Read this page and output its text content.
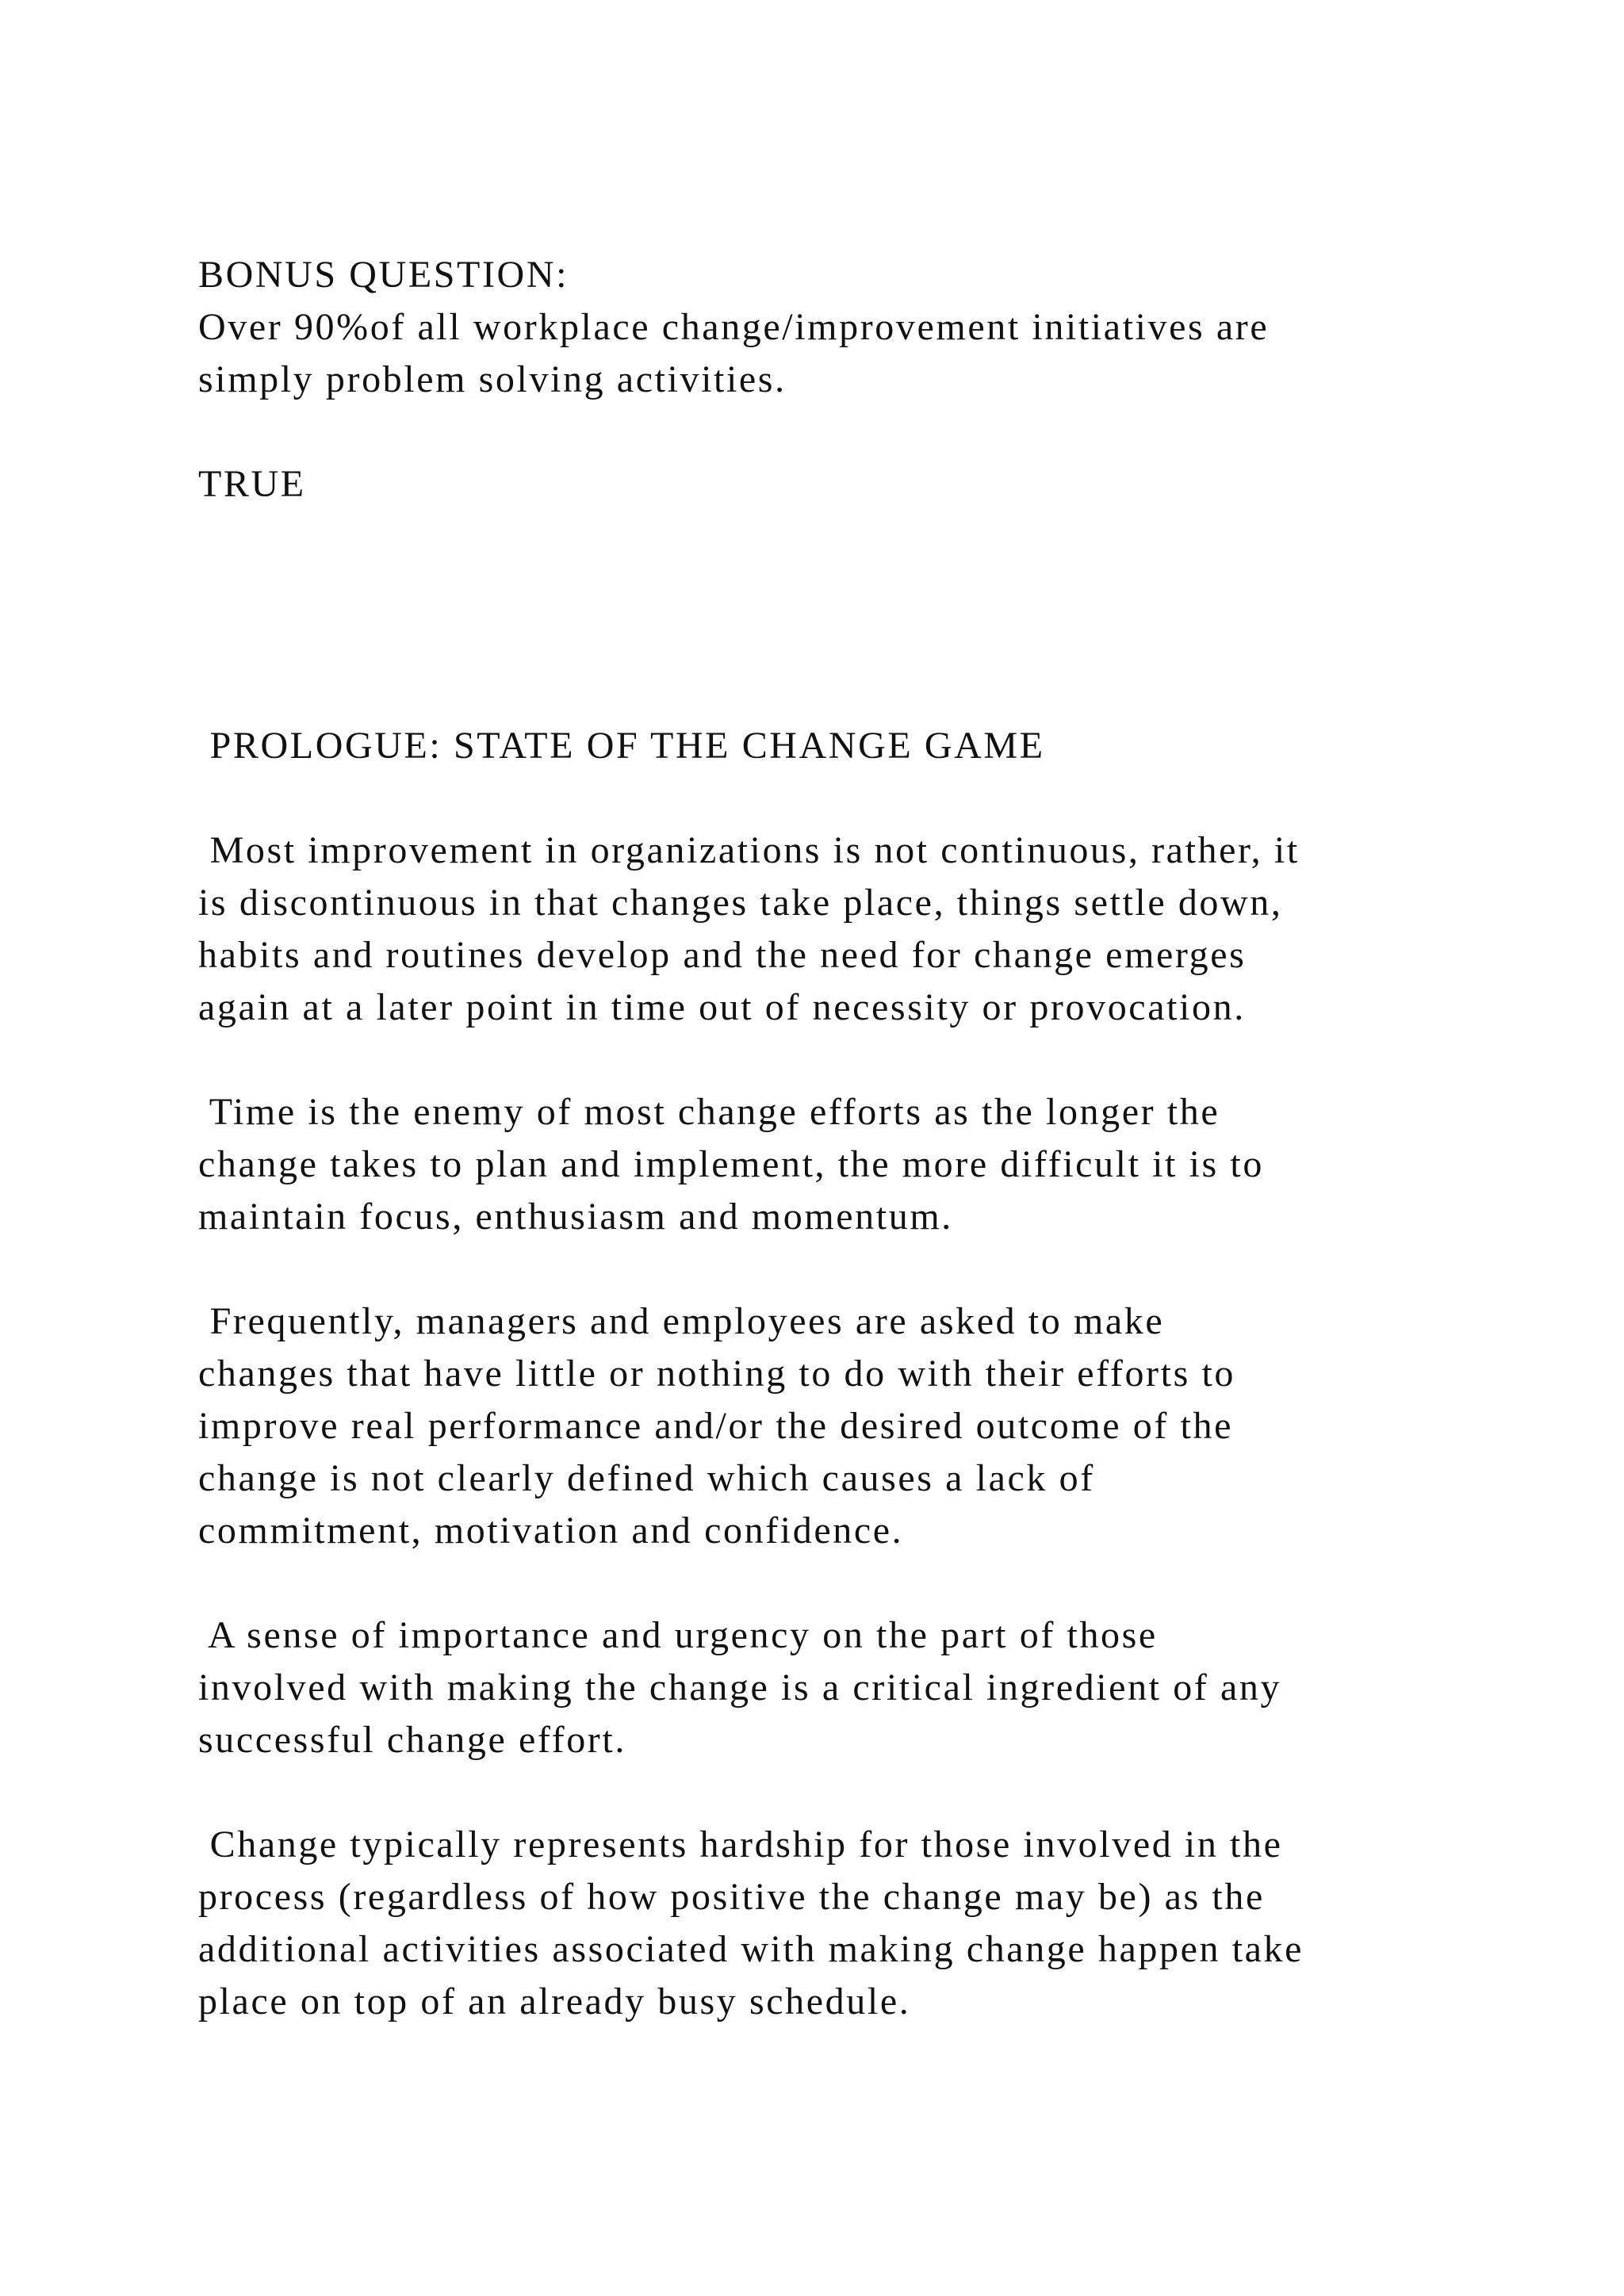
BONUS QUESTION:

Over 90%of all workplace change/improvement initiatives are

simply problem solving activities.

TRUE

PROLOGUE: STATE OF THE CHANGE GAME

Most improvement in organizations is not continuous, rather, it

is discontinuous in that changes take place, things settle down,

habits and routines develop and the need for change emerges

again at a later point in time out of necessity or provocation.

Time is the enemy of most change efforts as the longer the

change takes to plan and implement, the more difficult it is to

maintain focus, enthusiasm and momentum.

Frequently, managers and employees are asked to make

changes that have little or nothing to do with their efforts to

improve real performance and/or the desired outcome of the

change is not clearly defined which causes a lack of

commitment, motivation and confidence.

A sense of importance and urgency on the part of those

involved with making the change is a critical ingredient of any

successful change effort.

Change typically represents hardship for those involved in the

process (regardless of how positive the change may be) as the

additional activities associated with making change happen take

place on top of an already busy schedule.
